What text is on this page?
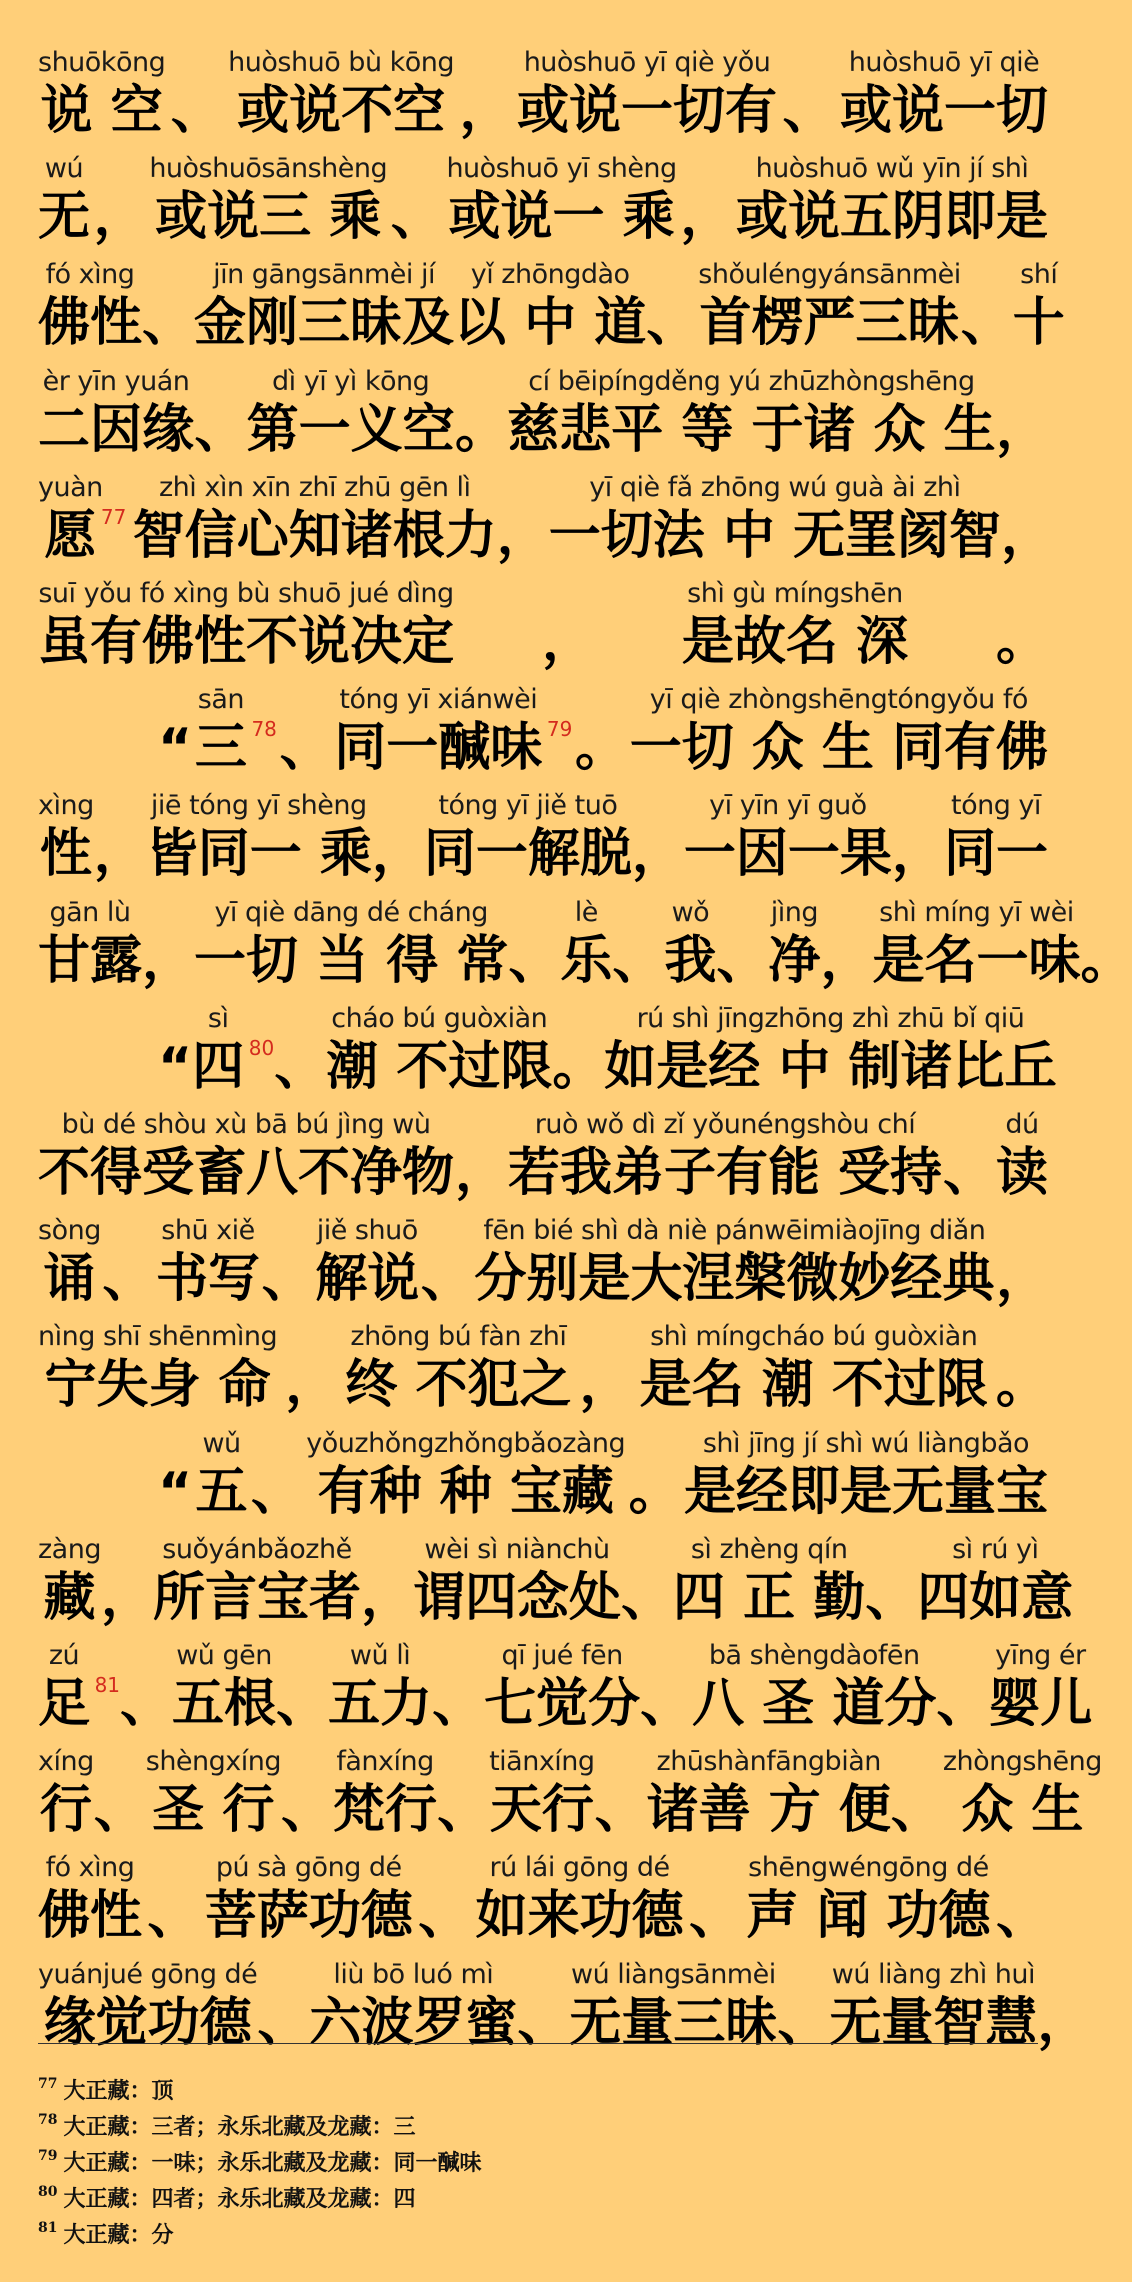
shuōkōng
说 空 、
huòshuō bù kōng
或说不空 ，
huòshuō yī qiè yǒu
或说一切有 、
huòshuō yī qiè
或说一切
wú
无 ，
huòshuōsānshèng
或说三 乘 、
huòshuō yī shèng
或说一 乘 ，
huòshuō wǔ yīn jí shì
或说五阴即是
fó xìng
佛性 、
jīn gāngsānmèi jí
金刚三昧及
yǐ zhōngdào
以 中 道 、
shǒuléngyánsānmèi
首楞严三昧 、
shí
十
èr yīn yuán
二因缘 、
dì yī yì kōng
第一义空 。
cí bēipíngděng yú zhūzhòngshēng
慈悲平 等 于诸 众 生 ，
yuàn
愿 77
zhì xìn xīn zhī zhū gēn lì
智信心知诸根力 ，
yī qiè fǎ zhōng wú guà ài zhì
一切法 中 无罣阂智 ，
suī yǒu fó xìng bù shuō jué dìng
虽有佛性不说决定 ，
shì gù míngshēn
是故名 深 。
“
sān
三 78 、
tóng yī xiánwèi
同一醎味 79 。
yī qiè zhòngshēngtóngyǒu fó
一切 众 生 同有佛
xìng
性 ，
jiē tóng yī shèng
皆同一 乘 ，
tóng yī jiě tuō
同一解脱 ，
yī yīn yī guǒ
一因一果 ，
tóng yī
同一
gān lù
甘露 ，
yī qiè dāng dé cháng
一切 当 得 常 、
lè
乐 、
wǒ
我 、
jìng
净 ，
shì míng yī wèi
是名一味 。
“
sì
四 80 、
cháo bú guòxiàn
潮 不过限 。
rú shì jīngzhōng zhì zhū bǐ qiū
如是经 中 制诸比丘
bù dé shòu xù bā bú jìng wù
不得受畜八不净物 ，
ruò wǒ dì zǐ yǒunéngshòu chí
若我弟子有能 受持 、
dú
读
sòng
诵 、
shū xiě
书写 、
jiě shuō
解说 、
fēn bié shì dà niè pánwēimiàojīng diǎn
分别是大涅槃微妙经典 ，
nìng shī shēnmìng
宁失身 命 ，
zhōng bú fàn zhī
终 不犯之 ，
shì míngcháo bú guòxiàn
是名 潮 不过限 。
“
wǔ
五 、
yǒuzhǒngzhǒngbǎozàng
有种 种 宝藏 。
shì jīng jí shì wú liàngbǎo
是经即是无量宝
zàng
藏 ，
suǒyánbǎozhě
所言宝者 ，
wèi sì niànchù
谓四念处 、
sì zhèng qín
四 正 勤 、
sì rú yì
四如意
zú
足 81 、
wǔ gēn
五根 、
wǔ lì
五力 、
qī jué fēn
七觉分 、
bā shèngdàofēn
八 圣 道分 、
yīng ér
婴儿
xíng
行 、
shèngxíng
圣 行 、
fànxíng
梵行 、
tiānxíng
天行 、
zhūshànfāngbiàn
诸善 方 便 、
zhòngshēng
众 生
fó xìng
佛性 、
pú sà gōng dé
菩萨功德 、
rú lái gōng dé
如来功德 、
shēngwéngōng dé
声 闻 功德 、
yuánjué gōng dé
缘觉功德 、
liù bō luó mì
六波罗蜜 、
wú liàngsānmèi
无量三昧 、
wú liàng zhì huì
无量智慧 ，
$^{77}$ 大正藏：顶
$^{78}$ 大正藏：三者；永乐北藏及龙藏：三
$^{79}$ 大正藏：一味；永乐北藏及龙藏：同一醎味
$^{80}$ 大正藏：四者；永乐北藏及龙藏：四
$^{81}$ 大正藏：分
